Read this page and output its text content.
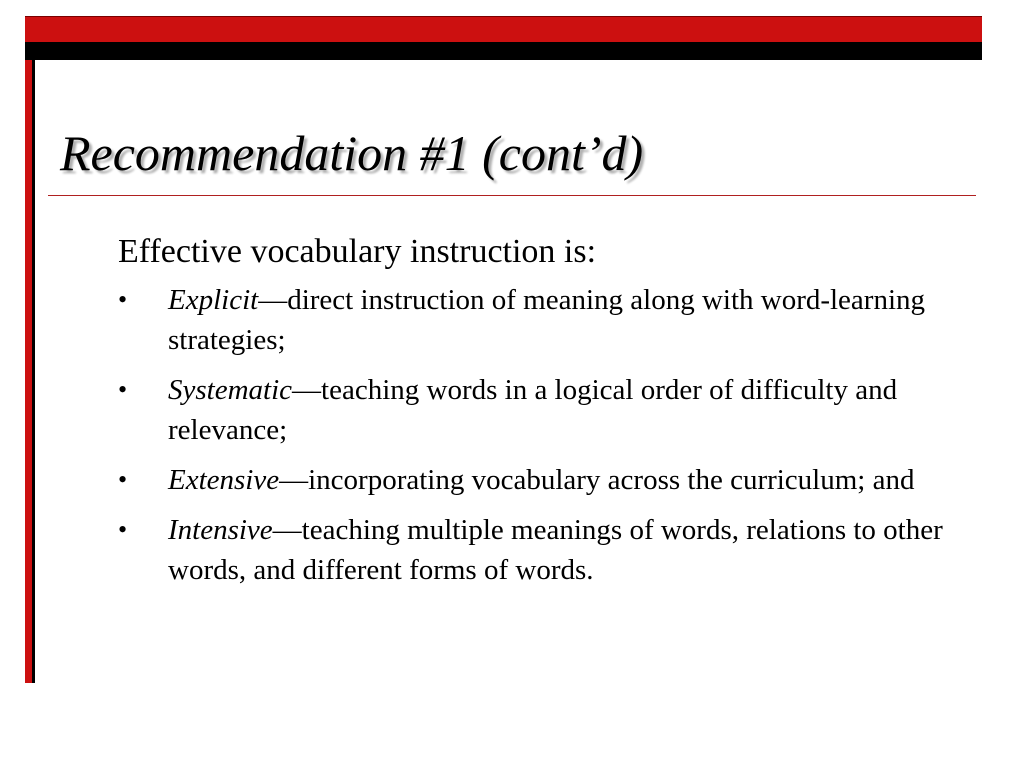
Recommendation #1 (cont’d)

Effective vocabulary instruction is:

• Explicit—direct instruction of meaning along with word-learning strategies;
• Systematic—teaching words in a logical order of difficulty and relevance;
• Extensive—incorporating vocabulary across the curriculum; and
• Intensive—teaching multiple meanings of words, relations to other words, and different forms of words.
